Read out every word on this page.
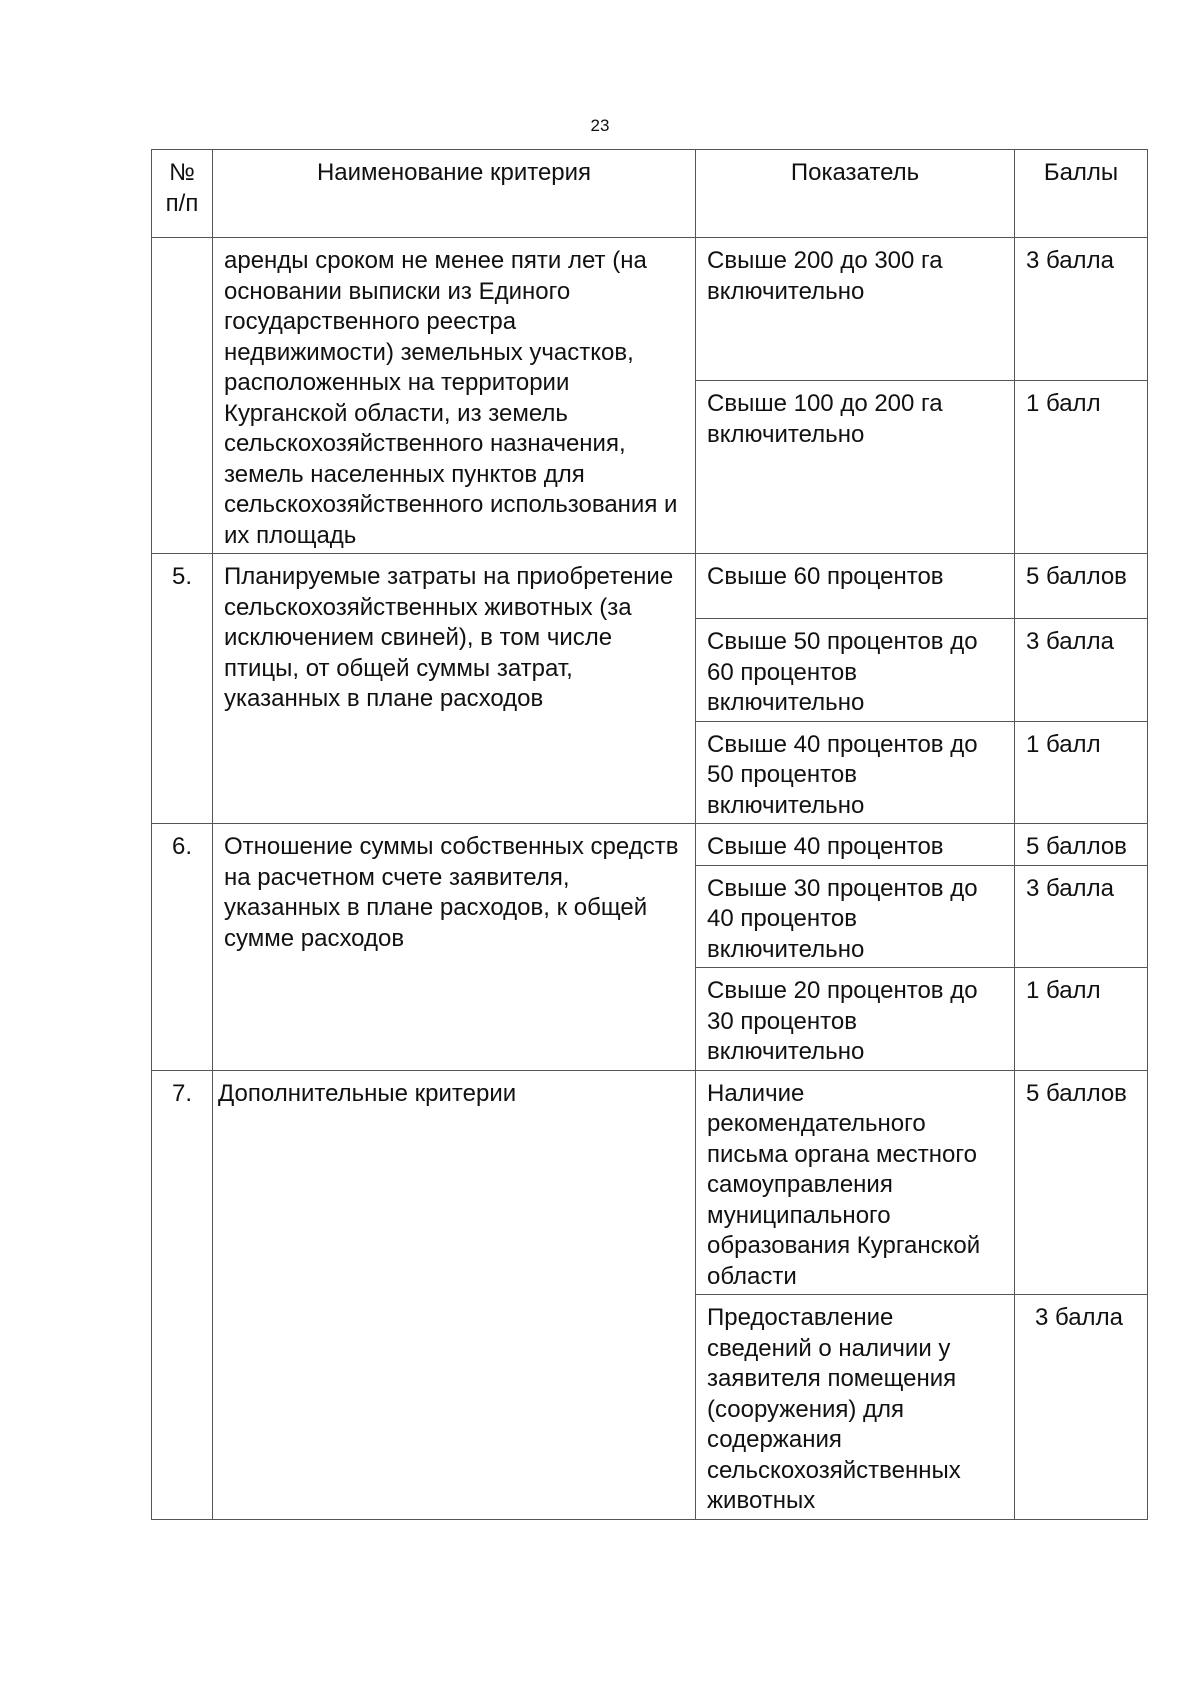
23
№ п/п	Наименование критерия	Показатель	Баллы
	аренды сроком не менее пяти лет (на основании выписки из Единого государственного реестра недвижимости) земельных участков, расположенных на территории Курганской области, из земель сельскохозяйственного назначения, земель населенных пунктов для сельскохозяйственного использования и их площадь	Свыше 200 до 300 га включительно	3 балла
		Свыше 100 до 200 га включительно	1 балл
5.	Планируемые затраты на приобретение сельскохозяйственных животных (за исключением свиней), в том числе птицы, от общей суммы затрат, указанных в плане расходов	Свыше 60 процентов	5 баллов
		Свыше 50 процентов до 60 процентов включительно	3 балла
		Свыше 40 процентов до 50 процентов включительно	1 балл
6.	Отношение суммы собственных средств на расчетном счете заявителя, указанных в плане расходов, к общей сумме расходов	Свыше 40 процентов	5 баллов
		Свыше 30 процентов до 40 процентов включительно	3 балла
		Свыше 20 процентов до 30 процентов включительно	1 балл
7.	Дополнительные критерии	Наличие рекомендательного письма органа местного самоуправления муниципального образования Курганской области	5 баллов
		Предоставление сведений о наличии у заявителя помещения (сооружения) для содержания сельскохозяйственных животных	3 балла
